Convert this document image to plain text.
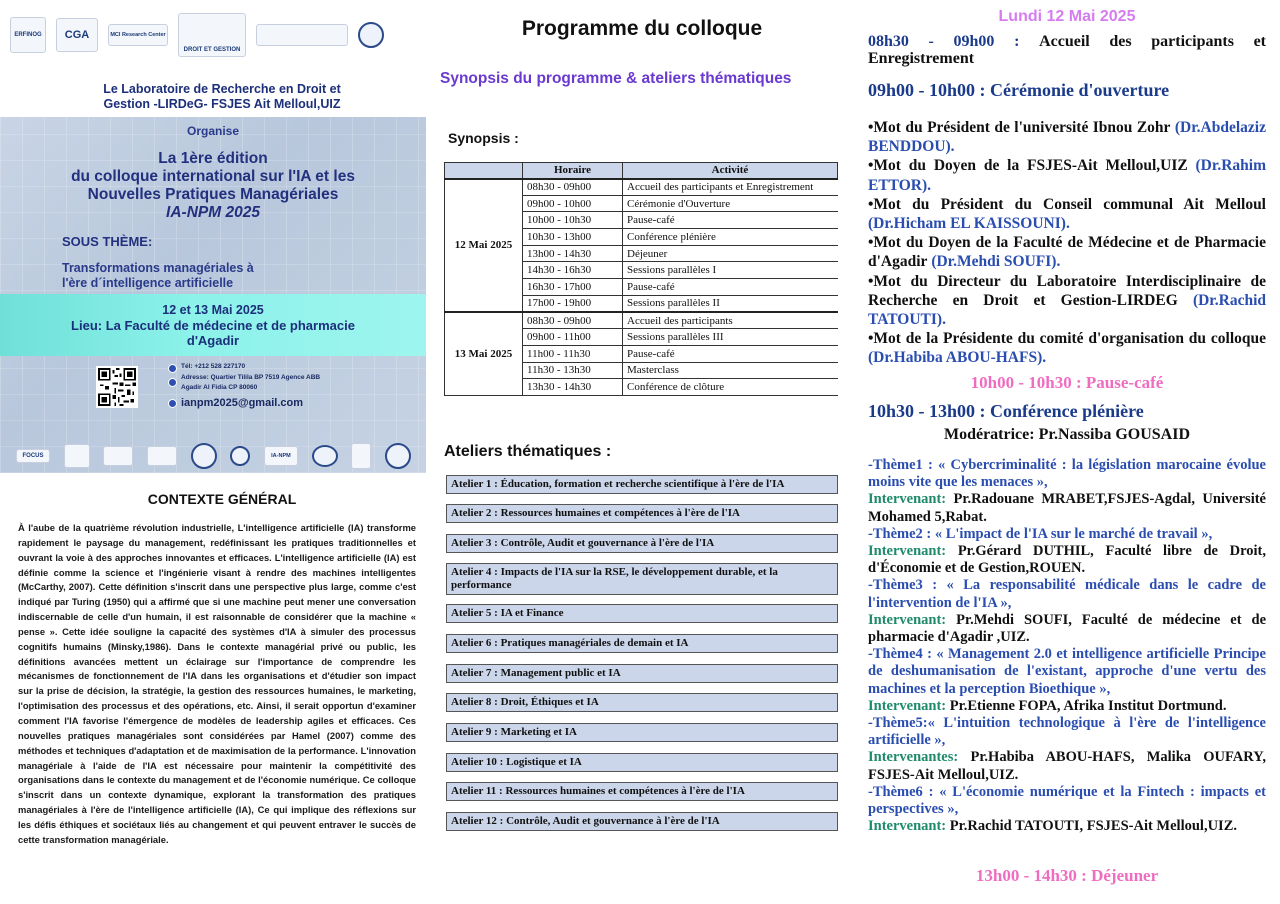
ERFINOG CGA	MCI Research Center
DROIT ET GESTION
Le Laboratoire de Recherche en Droit et
Gestion -LIRDeG- FSJES Ait Melloul,UIZ
Organise
La 1ère édition
du colloque international sur l'IA et les
Nouvelles Pratiques Managériales
IA-NPM 2025
SOUS THÈME:
Transformations managériales à
l'ère d´intelligence artificielle
12 et 13 Mai 2025
Lieu: La Faculté de médecine et de pharmacie
d'Agadir
Tél: +212 528 227170
Adresse: Quartier Tilila BP 7519 Agence ABB
Agadir Al Fidia CP 80060
ianpm2025@gmail.com
FOCUS	IA-NPM
CONTEXTE GÉNÉRAL
À l'aube de la quatrième révolution industrielle, L'intelligence artificielle (IA) transforme rapidement le paysage du management, redéfinissant les pratiques traditionnelles et ouvrant la voie à des approches innovantes et efficaces. L'intelligence artificielle (IA) est définie comme la science et l'ingénierie visant à rendre des machines intelligentes (McCarthy, 2007). Cette définition s'inscrit dans une perspective plus large, comme c'est indiqué par Turing (1950) qui a affirmé que si une machine peut mener une conversation indiscernable de celle d'un humain, il est raisonnable de considérer que la machine « pense ». Cette idée souligne la capacité des systèmes d'IA à simuler des processus cognitifs humains (Minsky,1986). Dans le contexte managérial privé ou public, les définitions avancées mettent un éclairage sur l'importance de comprendre les mécanismes de fonctionnement de l'IA dans les organisations et d'étudier son impact sur la prise de décision, la stratégie, la gestion des ressources humaines, le marketing, l'optimisation des processus et des opérations, etc. Ainsi, il serait opportun d'examiner comment l'IA favorise l'émergence de modèles de leadership agiles et efficaces. Ces nouvelles pratiques managériales sont considérées par Hamel (2007) comme des méthodes et techniques d'adaptation et de maximisation de la performance. L'innovation managériale à l'aide de l'IA est nécessaire pour maintenir la compétitivité des organisations dans le contexte du management et de l'économie numérique. Ce colloque s'inscrit dans un contexte dynamique, explorant la transformation des pratiques managériales à l'ère de l'intelligence artificielle (IA), Ce qui implique des réflexions sur les défis éthiques et sociétaux liés au changement et qui peuvent entraver le succès de cette transformation managériale.
Programme du colloque
Synopsis du programme & ateliers thématiques
Synopsis :
	Horaire	Activité
12 Mai 2025	08h30 - 09h00	Accueil des participants et Enregistrement
	09h00 - 10h00	Cérémonie d'Ouverture
	10h00 - 10h30	Pause-café
	10h30 - 13h00	Conférence plénière
	13h00 - 14h30	Déjeuner
	14h30 - 16h30	Sessions parallèles I
	16h30 - 17h00	Pause-café
	17h00 - 19h00	Sessions parallèles II
13 Mai 2025	08h30 - 09h00	Accueil des participants
	09h00 - 11h00	Sessions parallèles III
	11h00 - 11h30	Pause-café
	11h30 - 13h30	Masterclass
	13h30 - 14h30	Conférence de clôture
Ateliers thématiques :
Atelier 1 : Éducation, formation et recherche scientifique à l'ère de l'IA
Atelier 2 : Ressources humaines et compétences à l'ère de l'IA
Atelier 3 : Contrôle, Audit et gouvernance à l'ère de l'IA
Atelier 4 : Impacts de l'IA sur la RSE, le développement durable, et la performance
Atelier 5 : IA et Finance
Atelier 6 : Pratiques managériales de demain et IA
Atelier 7 : Management public et IA
Atelier 8 : Droit, Éthiques et IA
Atelier 9 : Marketing et IA
Atelier 10 : Logistique et IA
Atelier 11 : Ressources humaines et compétences à l'ère de l'IA
Atelier 12 : Contrôle, Audit et gouvernance à l'ère de l'IA
Lundi 12 Mai 2025
08h30 - 09h00 : Accueil des participants et Enregistrement
09h00 - 10h00 : Cérémonie d'ouverture
•Mot du Président de l'université Ibnou Zohr (Dr.Abdelaziz BENDDOU).
•Mot du Doyen de la FSJES-Ait Melloul,UIZ (Dr.Rahim ETTOR).
•Mot du Président du Conseil communal Ait Melloul (Dr.Hicham EL KAISSOUNI).
•Mot du Doyen de la Faculté de Médecine et de Pharmacie d'Agadir (Dr.Mehdi SOUFI).
•Mot du Directeur du Laboratoire Interdisciplinaire de Recherche en Droit et Gestion-LIRDEG (Dr.Rachid TATOUTI).
•Mot de la Présidente du comité d'organisation du colloque (Dr.Habiba ABOU-HAFS).
10h00 - 10h30 : Pause-café
10h30 - 13h00 : Conférence plénière
Modératrice: Pr.Nassiba GOUSAID
-Thème1 : « Cybercriminalité : la législation marocaine évolue moins vite que les menaces »,
Intervenant: Pr.Radouane MRABET,FSJES-Agdal, Université Mohamed 5,Rabat.
-Thème2 : « L'impact de l'IA sur le marché de travail »,
Intervenant: Pr.Gérard DUTHIL, Faculté libre de Droit, d'Économie et de Gestion,ROUEN.
-Thème3 : « La responsabilité médicale dans le cadre de l'intervention de l'IA »,
Intervenant: Pr.Mehdi SOUFI, Faculté de médecine et de pharmacie d'Agadir ,UIZ.
-Thème4 : « Management 2.0 et intelligence artificielle Principe de deshumanisation de l'existant, approche d'une vertu des machines et la perception Bioethique »,
Intervenant: Pr.Etienne FOPA, Afrika Institut Dortmund.
-Thème5:« L'intuition technologique à l'ère de l'intelligence artificielle »,
Intervenantes: Pr.Habiba ABOU-HAFS, Malika OUFARY, FSJES-Ait Melloul,UIZ.
-Thème6 : « L'économie numérique et la Fintech : impacts et perspectives »,
Intervenant: Pr.Rachid TATOUTI, FSJES-Ait Melloul,UIZ.
13h00 - 14h30 : Déjeuner
